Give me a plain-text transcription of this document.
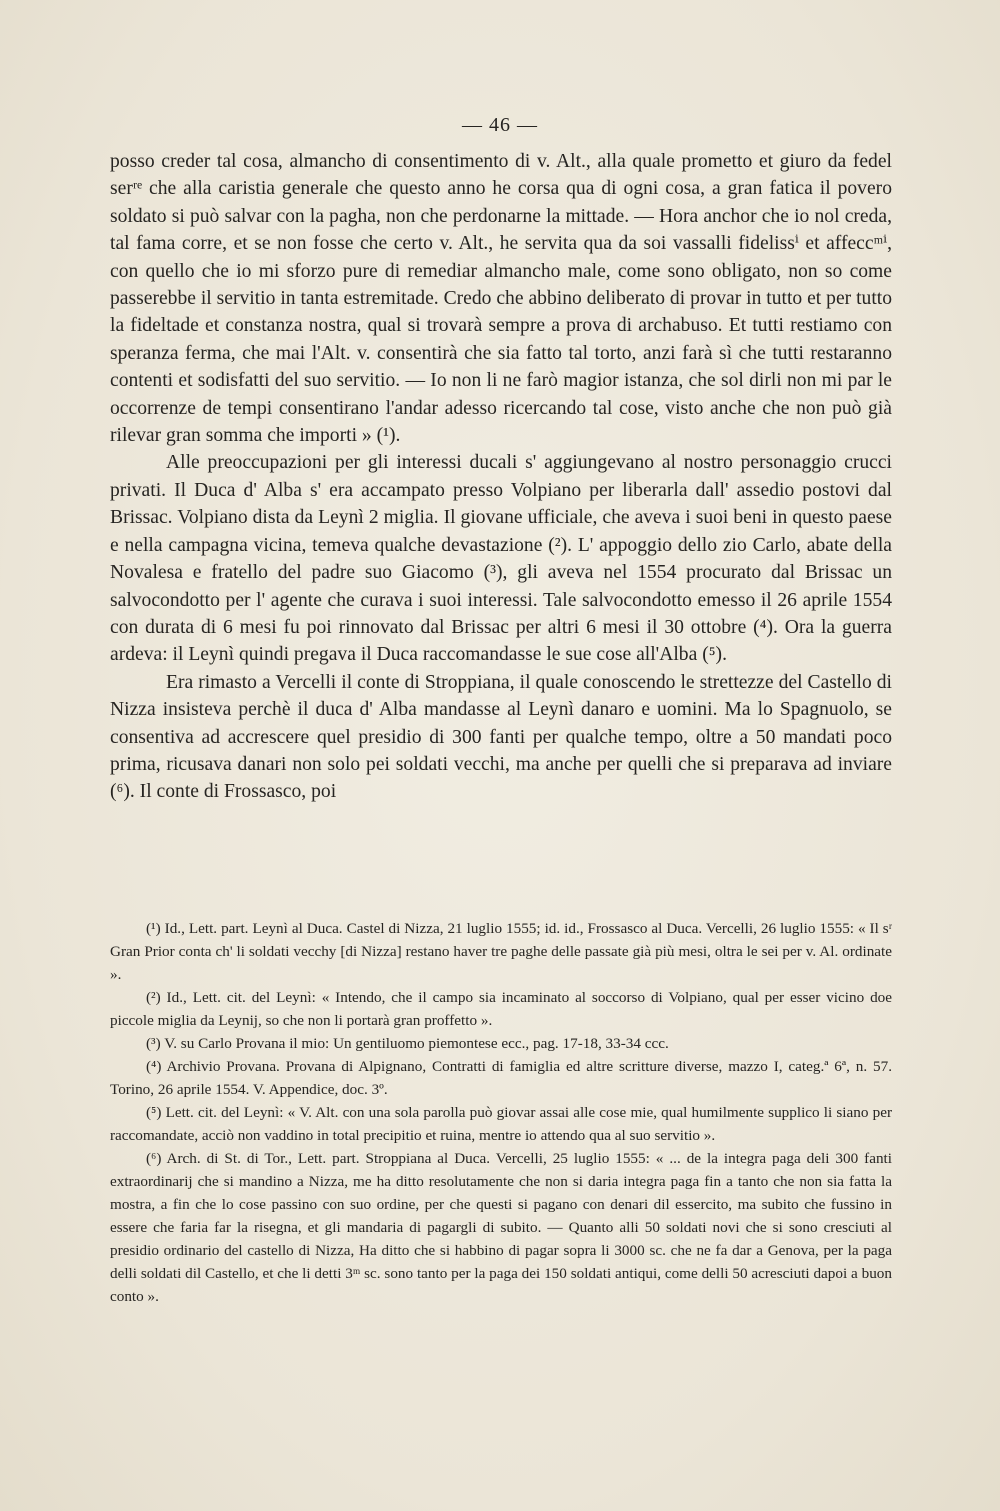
— 46 —

posso creder tal cosa, almancho di consentimento di v. Alt., alla quale prometto et giuro da fedel serʳᵉ che alla caristia generale che questo anno he corsa qua di ogni cosa, a gran fatica il povero soldato si può salvar con la pagha, non che perdonarne la mittade. — Hora anchor che io nol creda, tal fama corre, et se non fosse che certo v. Alt., he servita qua da soi vassalli fidelissⁱ et affeccᵐⁱ, con quello che io mi sforzo pure di remediar almancho male, come sono obligato, non so come passerebbe il servitio in tanta estremitade. Credo che abbino deliberato di provar in tutto et per tutto la fideltade et constanza nostra, qual si trovarà sempre a prova di archabuso. Et tutti restiamo con speranza ferma, che mai l'Alt. v. consentirà che sia fatto tal torto, anzi farà sì che tutti restaranno contenti et sodisfatti del suo servitio. — Io non li ne farò magior istanza, che sol dirli non mi par le occorrenze de tempi consentirano l'andar adesso ricercando tal cose, visto anche che non può già rilevar gran somma che importi » (¹).

Alle preoccupazioni per gli interessi ducali s' aggiungevano al nostro personaggio crucci privati. Il Duca d' Alba s' era accampato presso Volpiano per liberarla dall' assedio postovi dal Brissac. Volpiano dista da Leynì 2 miglia. Il giovane ufficiale, che aveva i suoi beni in questo paese e nella campagna vicina, temeva qualche devastazione (²). L' appoggio dello zio Carlo, abate della Novalesa e fratello del padre suo Giacomo (³), gli aveva nel 1554 procurato dal Brissac un salvocondotto per l' agente che curava i suoi interessi. Tale salvocondotto emesso il 26 aprile 1554 con durata di 6 mesi fu poi rinnovato dal Brissac per altri 6 mesi il 30 ottobre (⁴). Ora la guerra ardeva: il Leynì quindi pregava il Duca raccomandasse le sue cose all'Alba (⁵).

Era rimasto a Vercelli il conte di Stroppiana, il quale conoscendo le strettezze del Castello di Nizza insisteva perchè il duca d' Alba mandasse al Leynì danaro e uomini. Ma lo Spagnuolo, se consentiva ad accrescere quel presidio di 300 fanti per qualche tempo, oltre a 50 mandati poco prima, ricusava danari non solo pei soldati vecchi, ma anche per quelli che si preparava ad inviare (⁶). Il conte di Frossasco, poi

(¹) Id., Lett. part. Leynì al Duca. Castel di Nizza, 21 luglio 1555; id. id., Frossasco al Duca. Vercelli, 26 luglio 1555: « Il sʳ Gran Prior conta ch' li soldati vecchy [di Nizza] restano haver tre paghe delle passate già più mesi, oltra le sei per v. Al. ordinate ».

(²) Id., Lett. cit. del Leynì: « Intendo, che il campo sia incaminato al soccorso di Volpiano, qual per esser vicino doe piccole miglia da Leynij, so che non li portarà gran proffetto ».

(³) V. su Carlo Provana il mio: Un gentiluomo piemontese ecc., pag. 17-18, 33-34 ccc.

(⁴) Archivio Provana. Provana di Alpignano, Contratti di famiglia ed altre scritture diverse, mazzo I, categ.ª 6ª, n. 57. Torino, 26 aprile 1554. V. Appendice, doc. 3º.

(⁵) Lett. cit. del Leynì: « V. Alt. con una sola parolla può giovar assai alle cose mie, qual humilmente supplico li siano per raccomandate, acciò non vaddino in total precipitio et ruina, mentre io attendo qua al suo servitio ».

(⁶) Arch. di St. di Tor., Lett. part. Stroppiana al Duca. Vercelli, 25 luglio 1555: « ... de la integra paga deli 300 fanti extraordinarij che si mandino a Nizza, me ha ditto resolutamente che non si daria integra paga fin a tanto che non sia fatta la mostra, a fin che lo cose passino con suo ordine, per che questi si pagano con denari dil essercito, ma subito che fussino in essere che faria far la risegna, et gli mandaria di pagargli di subito. — Quanto alli 50 soldati novi che si sono cresciuti al presidio ordinario del castello di Nizza, Ha ditto che si habbino di pagar sopra li 3000 sc. che ne fa dar a Genova, per la paga delli soldati dil Castello, et che li detti 3ᵐ sc. sono tanto per la paga dei 150 soldati antiqui, come delli 50 acresciuti dapoi a buon conto ».
